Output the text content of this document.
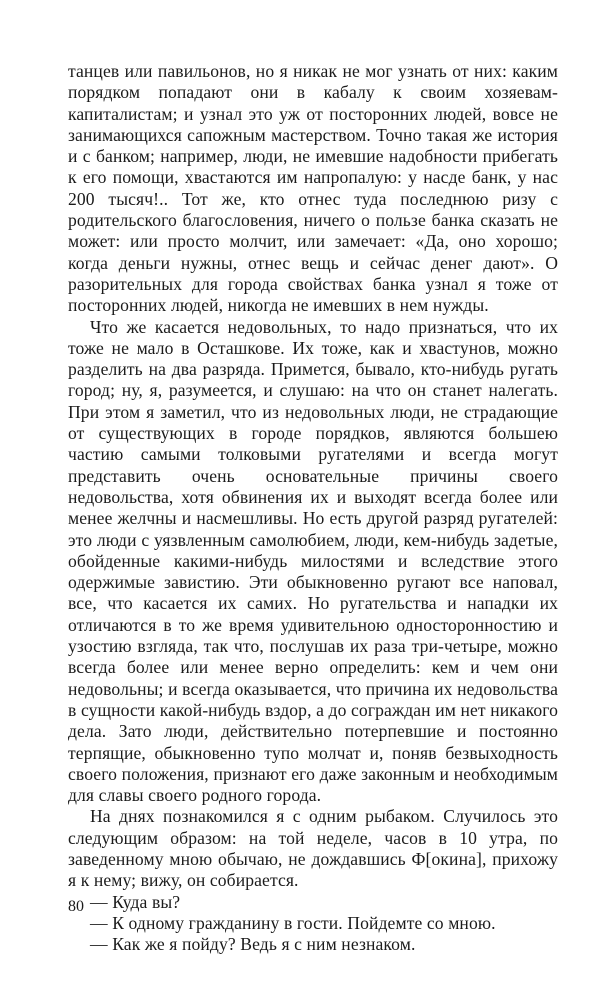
танцев или павильонов, но я никак не мог узнать от них: каким порядком попадают они в кабалу к своим хозяевам-капиталистам; и узнал это уж от посторонних людей, вовсе не занимающихся сапожным мастерством. Точно такая же история и с банком; например, люди, не имевшие надобности прибегать к его помощи, хвастаются им напропалую: у насде банк, у нас 200 тысяч!.. Тот же, кто отнес туда последнюю ризу с родительского благословения, ничего о пользе банка сказать не может: или просто молчит, или замечает: «Да, оно хорошо; когда деньги нужны, отнес вещь и сейчас денег дают». О разорительных для города свойствах банка узнал я тоже от посторонних людей, никогда не имевших в нем нужды.

Что же касается недовольных, то надо признаться, что их тоже не мало в Осташкове. Их тоже, как и хвастунов, можно разделить на два разряда. Примется, бывало, кто-нибудь ругать город; ну, я, разумеется, и слушаю: на что он станет налегать. При этом я заметил, что из недовольных люди, не страдающие от существующих в городе порядков, являются большею частию самыми толковыми ругателями и всегда могут представить очень основательные причины своего недовольства, хотя обвинения их и выходят всегда более или менее желчны и насмешливы. Но есть другой разряд ругателей: это люди с уязвленным самолюбием, люди, кем-нибудь задетые, обойденные какими-нибудь милостями и вследствие этого одержимые завистию. Эти обыкновенно ругают все наповал, все, что касается их самих. Но ругательства и нападки их отличаются в то же время удивительною односторонностию и узостию взгляда, так что, послушав их раза три-четыре, можно всегда более или менее верно определить: кем и чем они недовольны; и всегда оказывается, что причина их недовольства в сущности какой-нибудь вздор, а до сограждан им нет никакого дела. Зато люди, действительно потерпевшие и постоянно терпящие, обыкновенно тупо молчат и, поняв безвыходность своего положения, признают его даже законным и необходимым для славы своего родного города.

На днях познакомился я с одним рыбаком. Случилось это следующим образом: на той неделе, часов в 10 утра, по заведенному мною обычаю, не дождавшись Ф[окина], прихожу я к нему; вижу, он собирается.

— Куда вы?

— К одному гражданину в гости. Пойдемте со мною.

— Как же я пойду? Ведь я с ним незнаком.

80
